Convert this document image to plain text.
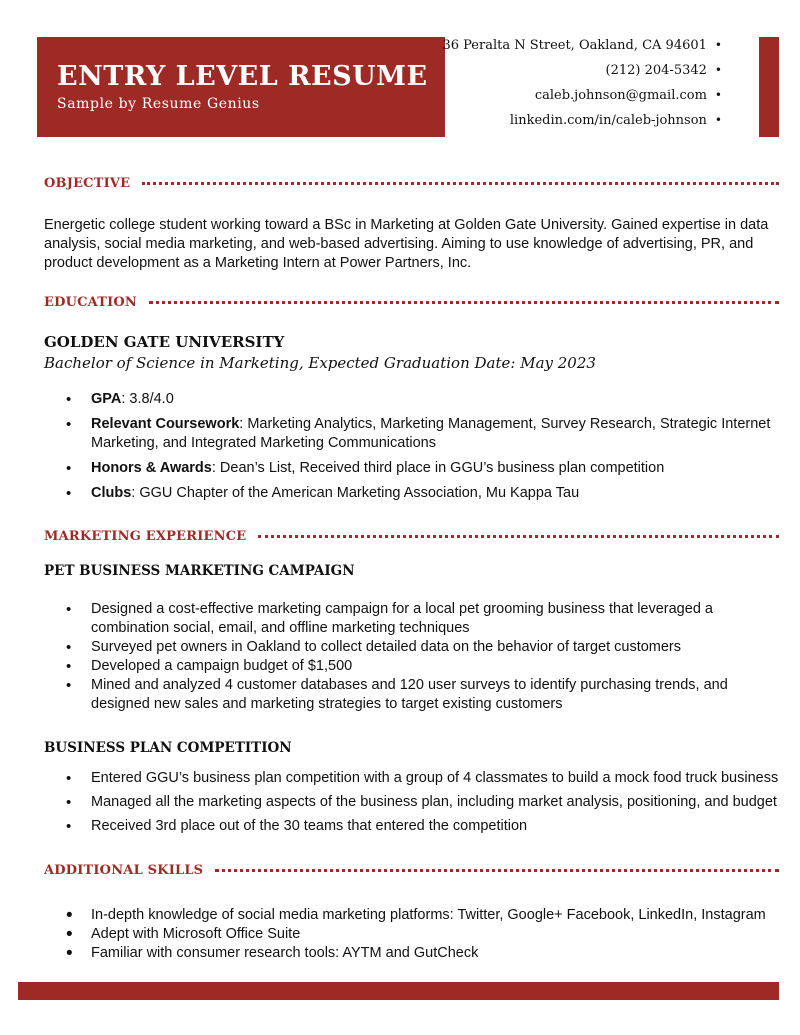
ENTRY LEVEL RESUME
Sample by Resume Genius
36 Peralta N Street, Oakland, CA 94601 •
(212) 204-5342 •
caleb.johnson@gmail.com •
linkedin.com/in/caleb-johnson •
OBJECTIVE
Energetic college student working toward a BSc in Marketing at Golden Gate University. Gained expertise in data analysis, social media marketing, and web-based advertising. Aiming to use knowledge of advertising, PR, and product development as a Marketing Intern at Power Partners, Inc.
EDUCATION
GOLDEN GATE UNIVERSITY
Bachelor of Science in Marketing, Expected Graduation Date: May 2023
• GPA: 3.8/4.0
• Relevant Coursework: Marketing Analytics, Marketing Management, Survey Research, Strategic Internet Marketing, and Integrated Marketing Communications
• Honors & Awards: Dean’s List, Received third place in GGU’s business plan competition
• Clubs: GGU Chapter of the American Marketing Association, Mu Kappa Tau
MARKETING EXPERIENCE
PET BUSINESS MARKETING CAMPAIGN
• Designed a cost-effective marketing campaign for a local pet grooming business that leveraged a combination social, email, and offline marketing techniques
• Surveyed pet owners in Oakland to collect detailed data on the behavior of target customers
• Developed a campaign budget of $1,500
• Mined and analyzed 4 customer databases and 120 user surveys to identify purchasing trends, and designed new sales and marketing strategies to target existing customers
BUSINESS PLAN COMPETITION
• Entered GGU’s business plan competition with a group of 4 classmates to build a mock food truck business
• Managed all the marketing aspects of the business plan, including market analysis, positioning, and budget
• Received 3rd place out of the 30 teams that entered the competition
ADDITIONAL SKILLS
• In-depth knowledge of social media marketing platforms: Twitter, Google+ Facebook, LinkedIn, Instagram
• Adept with Microsoft Office Suite
• Familiar with consumer research tools: AYTM and GutCheck
